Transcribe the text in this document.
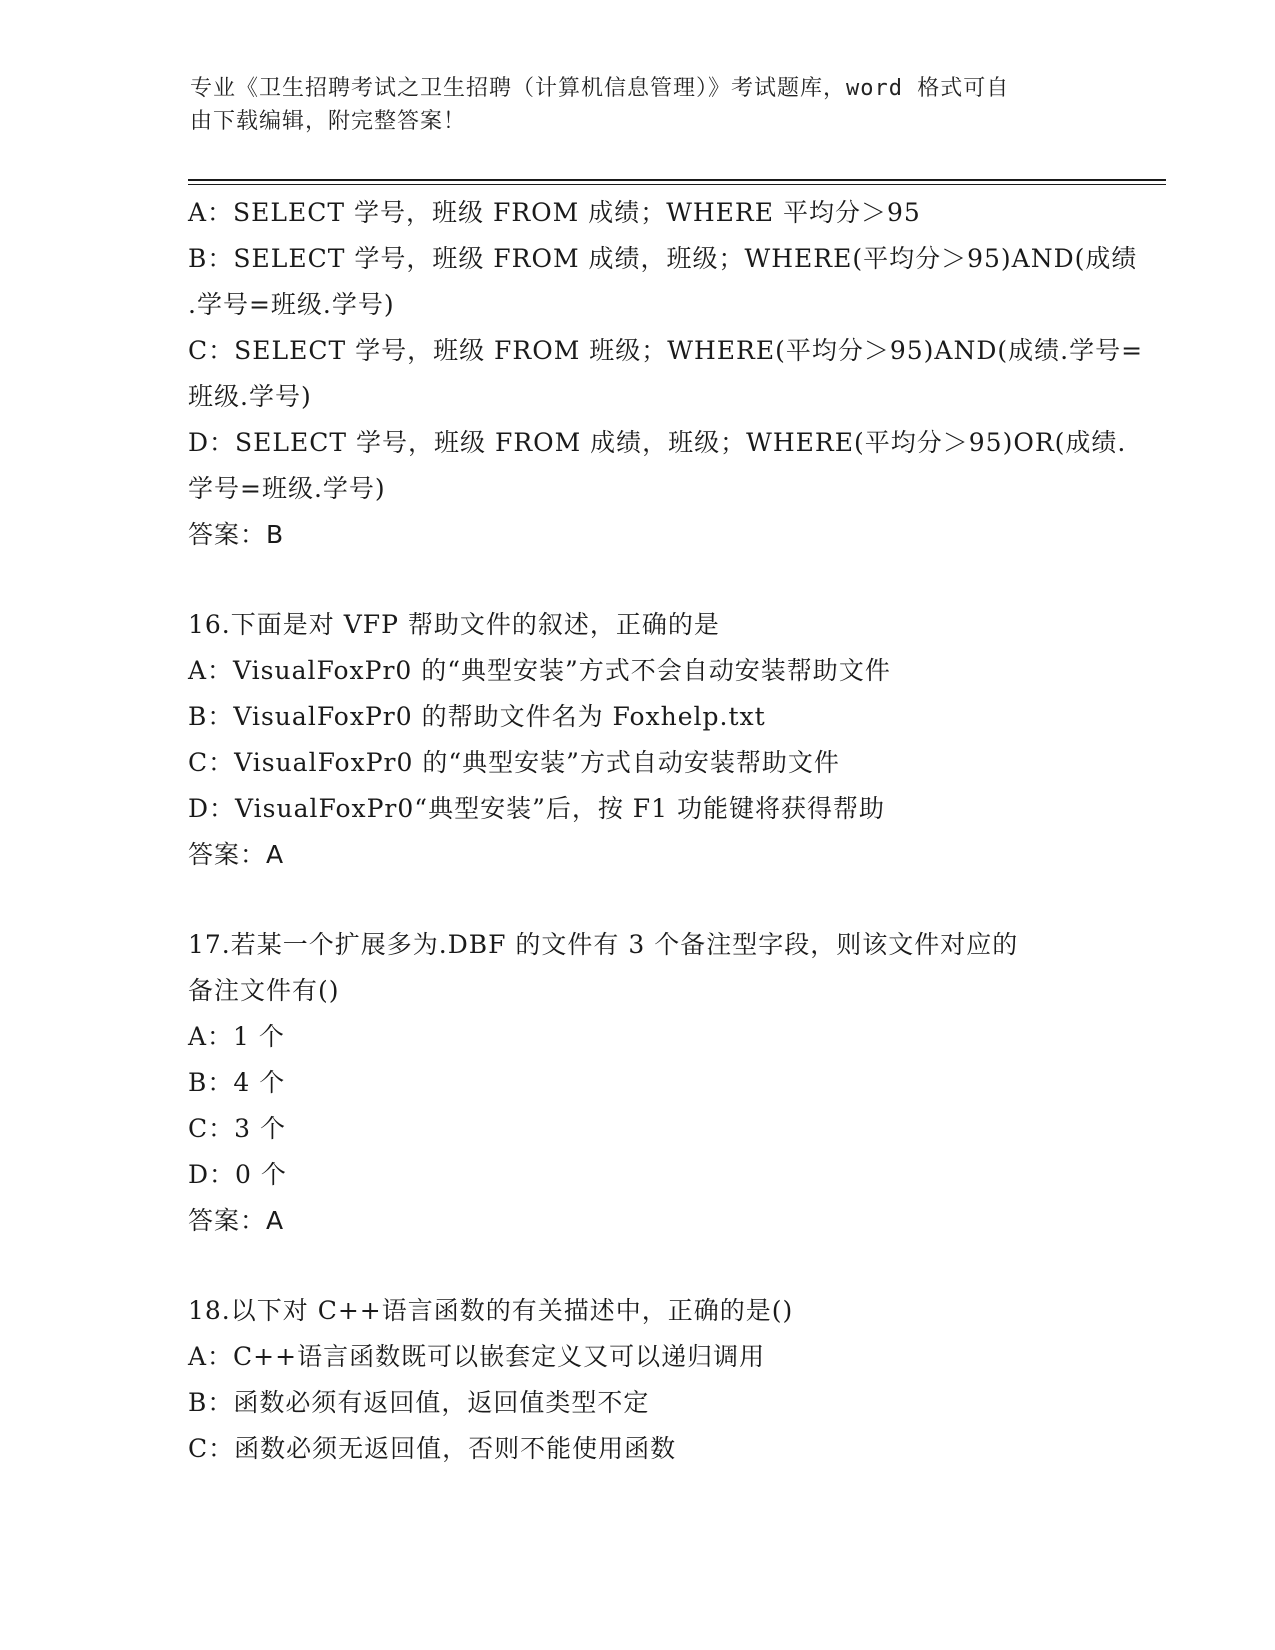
专业《卫生招聘考试之卫生招聘（计算机信息管理）》考试题库，word 格式可自
由下载编辑，附完整答案！
A：SELECT 学号，班级 FROM 成绩；WHERE 平均分＞95
B：SELECT 学号，班级 FROM 成绩，班级；WHERE(平均分＞95)AND(成绩
.学号=班级.学号)
C：SELECT 学号，班级 FROM 班级；WHERE(平均分＞95)AND(成绩.学号=
班级.学号)
D：SELECT 学号，班级 FROM 成绩，班级；WHERE(平均分＞95)OR(成绩.
学号=班级.学号)
答案：B
16.下面是对 VFP 帮助文件的叙述，正确的是
A：VisualFoxPr0 的“典型安装”方式不会自动安装帮助文件
B：VisualFoxPr0 的帮助文件名为 Foxhelp.txt
C：VisualFoxPr0 的“典型安装”方式自动安装帮助文件
D：VisualFoxPr0“典型安装”后，按 F1 功能键将获得帮助
答案：A
17.若某一个扩展多为.DBF 的文件有 3 个备注型字段，则该文件对应的
备注文件有()
A：1 个
B：4 个
C：3 个
D：0 个
答案：A
18.以下对 C++语言函数的有关描述中，正确的是()
A：C++语言函数既可以嵌套定义又可以递归调用
B：函数必须有返回值，返回值类型不定
C：函数必须无返回值，否则不能使用函数
